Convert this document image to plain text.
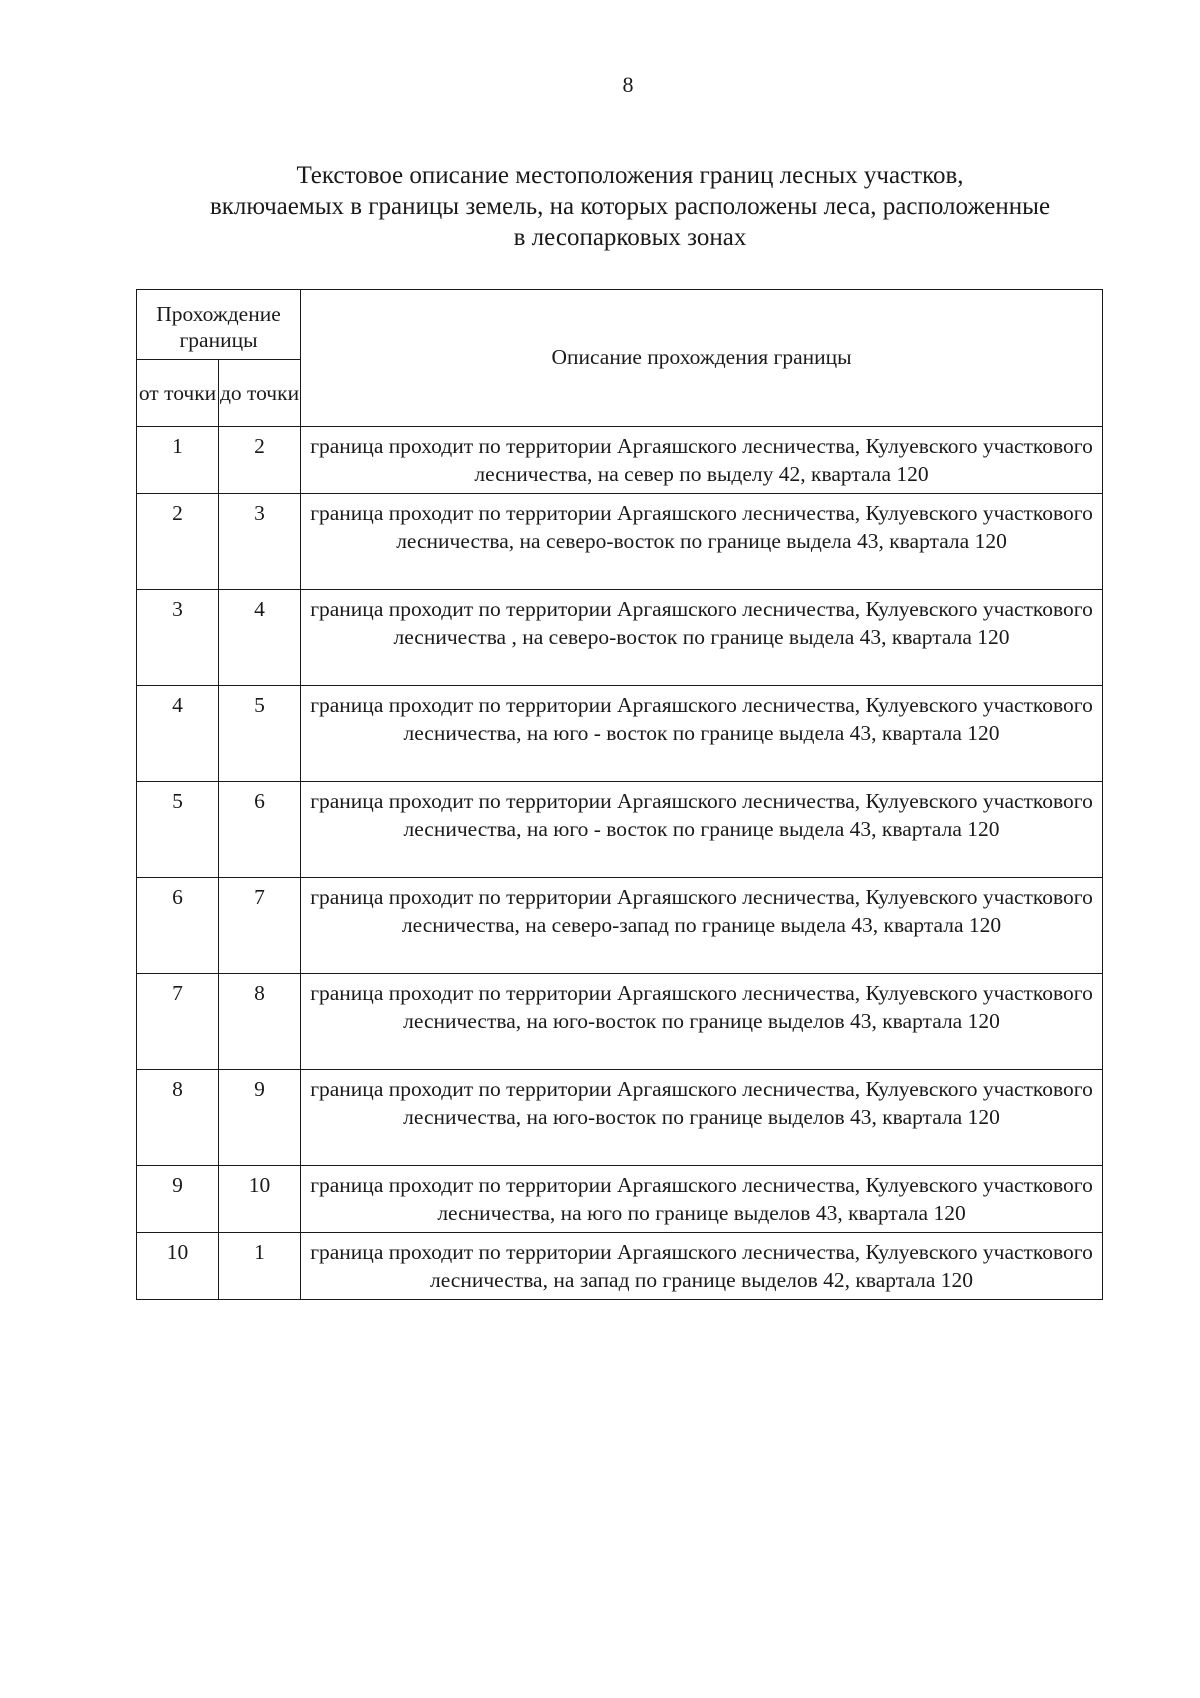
8
Текстовое описание местоположения границ лесных участков,
включаемых в границы земель, на которых расположены леса, расположенные
в лесопарковых зонах
Прохождение границы		Описание прохождения границы
от точки	до точки	
1	2	граница проходит по территории Аргаяшского лесничества, Кулуевского участкового лесничества, на север по выделу 42, квартала 120
2	3	граница проходит по территории Аргаяшского лесничества, Кулуевского участкового лесничества, на северо-восток по границе выдела 43, квартала 120
3	4	граница проходит по территории Аргаяшского лесничества, Кулуевского участкового лесничества , на северо-восток по границе выдела 43, квартала 120
4	5	граница проходит по территории Аргаяшского лесничества, Кулуевского участкового лесничества, на юго - восток по границе выдела 43, квартала 120
5	6	граница проходит по территории Аргаяшского лесничества, Кулуевского участкового лесничества, на юго - восток по границе выдела 43, квартала 120
6	7	граница проходит по территории Аргаяшского лесничества, Кулуевского участкового лесничества, на северо-запад по границе выдела 43, квартала 120
7	8	граница проходит по территории Аргаяшского лесничества, Кулуевского участкового лесничества, на юго-восток по границе выделов 43, квартала 120
8	9	граница проходит по территории Аргаяшского лесничества, Кулуевского участкового лесничества, на юго-восток по границе выделов 43, квартала 120
9	10	граница проходит по территории Аргаяшского лесничества, Кулуевского участкового лесничества, на юго по границе выделов 43, квартала 120
10	1	граница проходит по территории Аргаяшского лесничества, Кулуевского участкового лесничества, на запад по границе выделов 42, квартала 120
